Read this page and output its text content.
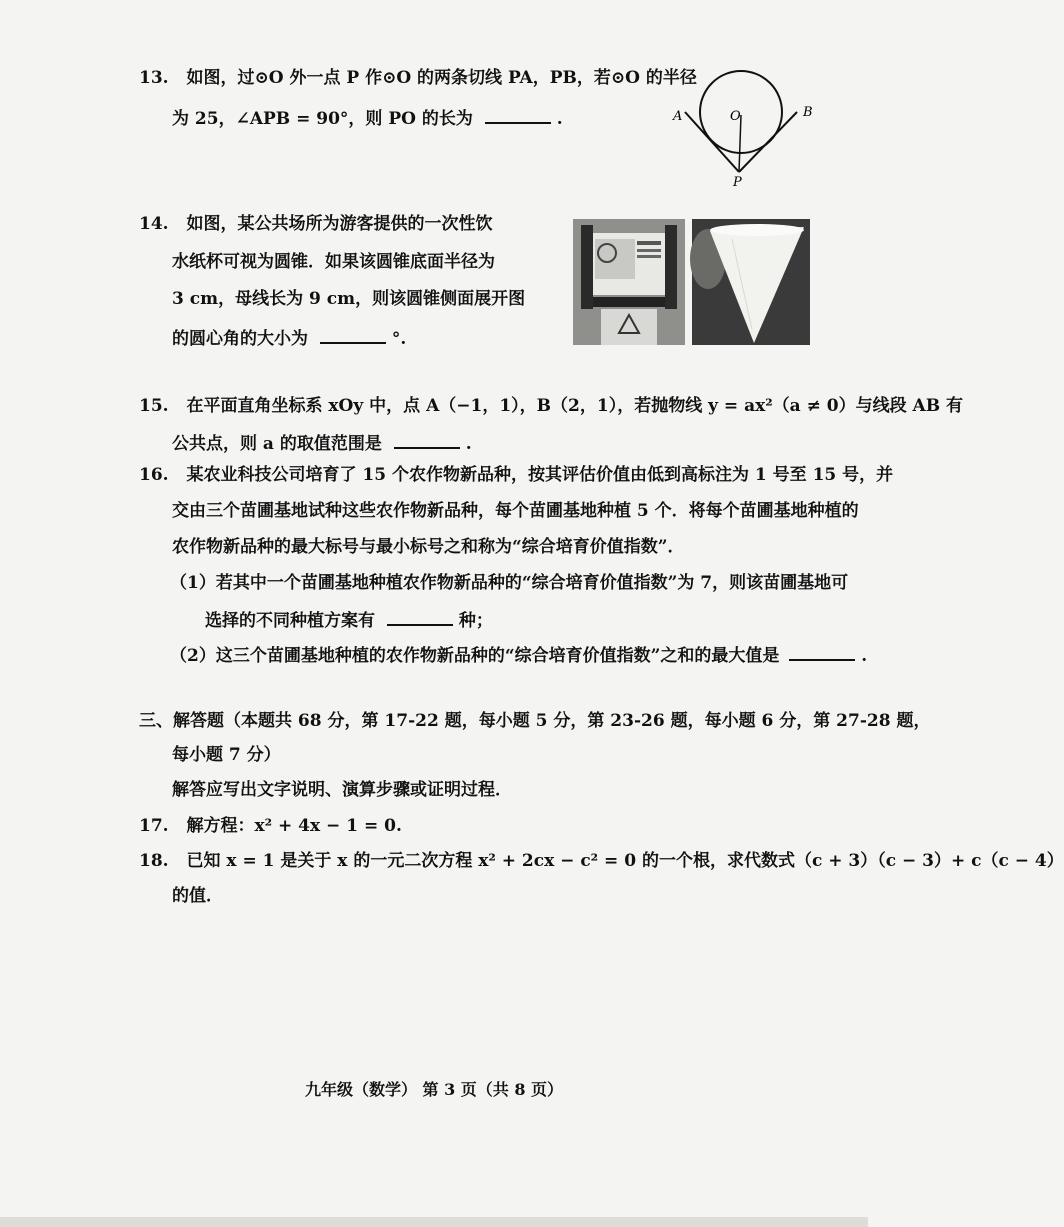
13. 如图，过⊙O 外一点 P 作⊙O 的两条切线 PA，PB，若⊙O 的半径
为 25，∠APB = 90°，则 PO 的长为	.	A	B
O
P
14. 如图，某公共场所为游客提供的一次性饮
水纸杯可视为圆锥．如果该圆锥底面半径为
3 cm，母线长为 9 cm，则该圆锥侧面展开图
的圆心角的大小为	°.
15. 在平面直角坐标系 xOy 中，点 A（−1，1），B（2，1），若抛物线 y = ax²（a ≠ 0）与线段 AB 有
公共点，则 a 的取值范围是	.
16. 某农业科技公司培育了 15 个农作物新品种，按其评估价值由低到高标注为 1 号至 15 号，并
交由三个苗圃基地试种这些农作物新品种，每个苗圃基地种植 5 个．将每个苗圃基地种植的
农作物新品种的最大标号与最小标号之和称为“综合培育价值指数”．
（1）若其中一个苗圃基地种植农作物新品种的“综合培育价值指数”为 7，则该苗圃基地可
选择的不同种植方案有	种；
（2）这三个苗圃基地种植的农作物新品种的“综合培育价值指数”之和的最大值是	.
三、解答题（本题共 68 分，第 17-22 题，每小题 5 分，第 23-26 题，每小题 6 分，第 27-28 题，
每小题 7 分）
解答应写出文字说明、演算步骤或证明过程．
17. 解方程：x² + 4x − 1 = 0.
18. 已知 x = 1 是关于 x 的一元二次方程 x² + 2cx − c² = 0 的一个根，求代数式（c + 3）（c − 3）+ c（c − 4）
的值．
九年级（数学） 第 3 页（共 8 页）
